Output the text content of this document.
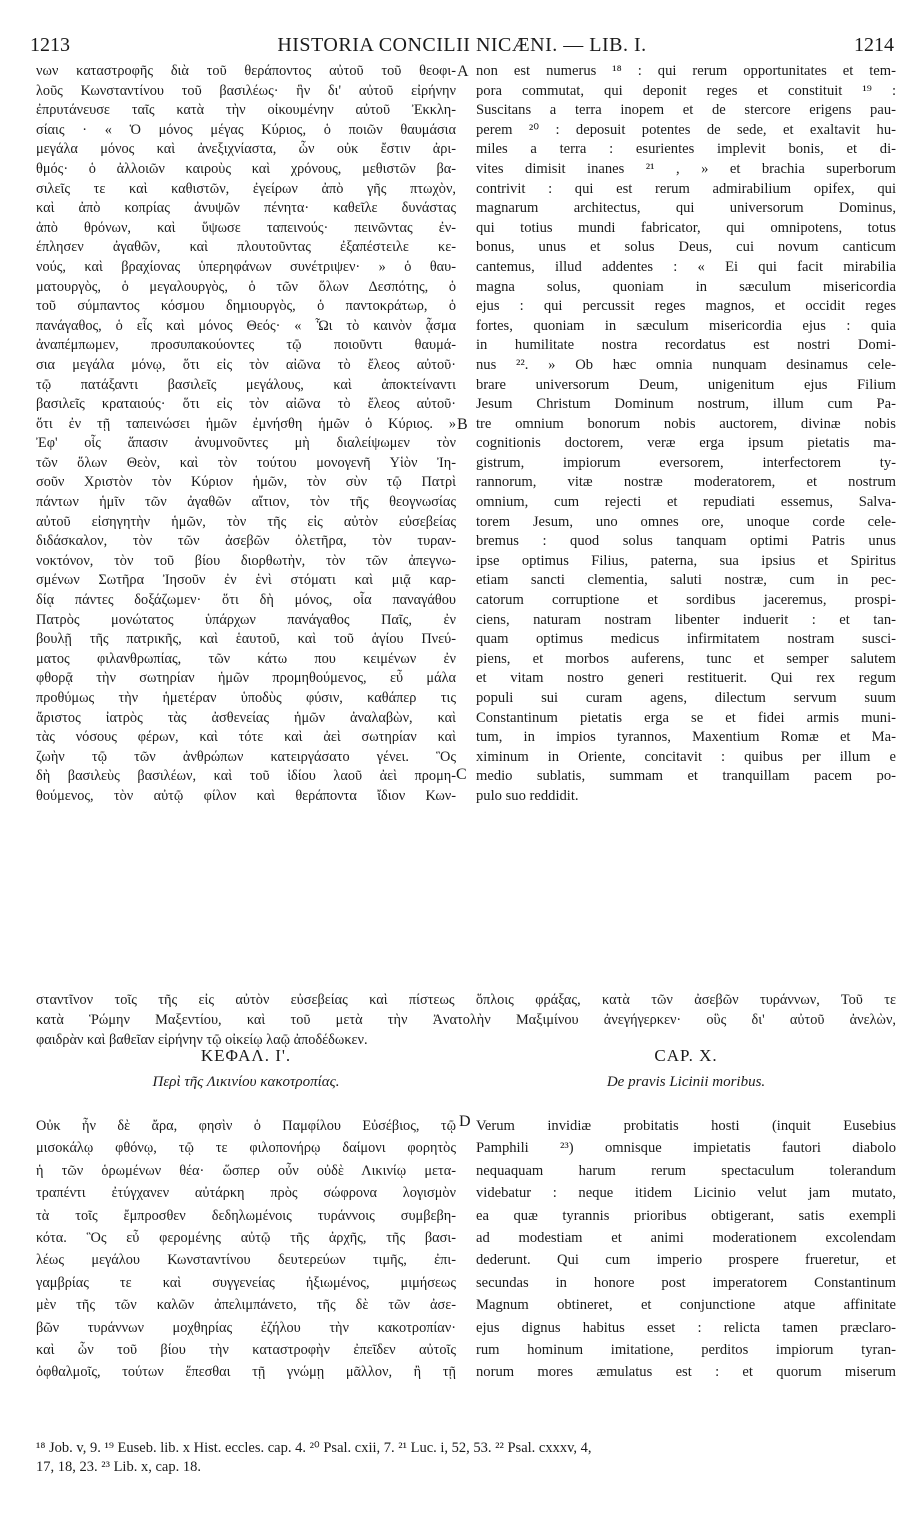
1213	HISTORIA CONCILII NICÆNI. — LIB. I.	1214
A
B
C
D
νων καταστροφῆς διὰ τοῦ θεράποντος αὐτοῦ τοῦ θεοφι-
λοῦς Κωνσταντίνου τοῦ βασιλέως· ἣν δι' αὐτοῦ εἰρήνην
ἐπρυτάνευσε ταῖς κατὰ τὴν οἰκουμένην αὐτοῦ Ἐκκλη-
σίαις · « Ὁ μόνος μέγας Κύριος, ὁ ποιῶν θαυμάσια
μεγάλα μόνος καὶ ἀνεξιχνίαστα, ὧν οὐκ ἔστιν ἀρι-
θμός· ὁ ἀλλοιῶν καιροὺς καὶ χρόνους, μεθιστῶν βα-
σιλεῖς τε καὶ καθιστῶν, ἐγείρων ἀπὸ γῆς πτωχὸν,
καὶ ἀπὸ κοπρίας ἀνυψῶν πένητα· καθεῖλε δυνάστας
ἀπὸ θρόνων, καὶ ὕψωσε ταπεινούς· πεινῶντας ἐν-
έπλησεν ἀγαθῶν, καὶ πλουτοῦντας ἐξαπέστειλε κε-
νούς, καὶ βραχίονας ὑπερηφάνων συνέτριψεν· » ὁ θαυ-
ματουργὸς, ὁ μεγαλουργὸς, ὁ τῶν ὅλων Δεσπότης, ὁ
τοῦ σύμπαντος κόσμου δημιουργὸς, ὁ παντοκράτωρ, ὁ
πανάγαθος, ὁ εἷς καὶ μόνος Θεός· « Ὧι τὸ καινὸν ᾆσμα
ἀναπέμπωμεν, προσυπακούοντες τῷ ποιοῦντι θαυμά-
σια μεγάλα μόνῳ, ὅτι εἰς τὸν αἰῶνα τὸ ἔλεος αὐτοῦ·
τῷ πατάξαντι βασιλεῖς μεγάλους, καὶ ἀποκτείναντι
βασιλεῖς κραταιούς· ὅτι εἰς τὸν αἰῶνα τὸ ἔλεος αὐτοῦ·
ὅτι ἐν τῇ ταπεινώσει ἡμῶν ἐμνήσθη ἡμῶν ὁ Κύριος. »
Ἐφ' οἷς ἅπασιν ἀνυμνοῦντες μὴ διαλείψωμεν τὸν
τῶν ὅλων Θεὸν, καὶ τὸν τούτου μονογενῆ Υἱὸν Ἰη-
σοῦν Χριστὸν τὸν Κύριον ἡμῶν, τὸν σὺν τῷ Πατρὶ
πάντων ἡμῖν τῶν ἀγαθῶν αἴτιον, τὸν τῆς θεογνωσίας
αὐτοῦ εἰσηγητὴν ἡμῶν, τὸν τῆς εἰς αὐτὸν εὐσεβείας
διδάσκαλον, τὸν τῶν ἀσεβῶν ὀλετῆρα, τὸν τυραν-
νοκτόνον, τὸν τοῦ βίου διορθωτὴν, τὸν τῶν ἀπεγνω-
σμένων Σωτῆρα Ἰησοῦν ἐν ἑνὶ στόματι καὶ μιᾷ καρ-
δίᾳ πάντες δοξάζωμεν· ὅτι δὴ μόνος, οἷα παναγάθου
Πατρὸς μονώτατος ὑπάρχων πανάγαθος Παῖς, ἐν
βουλῇ τῆς πατρικῆς, καὶ ἑαυτοῦ, καὶ τοῦ ἁγίου Πνεύ-
ματος φιλανθρωπίας, τῶν κάτω που κειμένων ἐν
φθορᾷ τὴν σωτηρίαν ἡμῶν προμηθούμενος, εὖ μάλα
προθύμως τὴν ἡμετέραν ὑποδὺς φύσιν, καθάπερ τις
ἄριστος ἰατρὸς τὰς ἀσθενείας ἡμῶν ἀναλαβὼν, καὶ
τὰς νόσους φέρων, καὶ τότε καὶ ἀεὶ σωτηρίαν καὶ
ζωὴν τῷ τῶν ἀνθρώπων κατειργάσατο γένει. Ὃς
δὴ βασιλεὺς βασιλέων, καὶ τοῦ ἰδίου λαοῦ ἀεὶ προμη-
θούμενος, τὸν αὐτῷ φίλον καὶ θεράποντα ἴδιον Κων-
non est numerus ¹⁸ : qui rerum opportunitates et tem-
pora commutat, qui deponit reges et constituit ¹⁹ :
Suscitans a terra inopem et de stercore erigens pau-
perem ²⁰ : deposuit potentes de sede, et exaltavit hu-
miles a terra : esurientes implevit bonis, et di-
vites dimisit inanes ²¹ , » et brachia superborum
contrivit : qui est rerum admirabilium opifex, qui
magnarum architectus, qui universorum Dominus,
qui totius mundi fabricator, qui omnipotens, totus
bonus, unus et solus Deus, cui novum canticum
cantemus, illud addentes : « Ei qui facit mirabilia
magna solus, quoniam in sæculum misericordia
ejus : qui percussit reges magnos, et occidit reges
fortes, quoniam in sæculum misericordia ejus : quia
in humilitate nostra recordatus est nostri Domi-
nus ²². » Ob hæc omnia nunquam desinamus cele-
brare universorum Deum, unigenitum ejus Filium
Jesum Christum Dominum nostrum, illum cum Pa-
tre omnium bonorum nobis auctorem, divinæ nobis
cognitionis doctorem, veræ erga ipsum pietatis ma-
gistrum, impiorum eversorem, interfectorem ty-
rannorum, vitæ nostræ moderatorem, et nostrum
omnium, cum rejecti et repudiati essemus, Salva-
torem Jesum, uno omnes ore, unoque corde cele-
bremus : quod solus tanquam optimi Patris unus
ipse optimus Filius, paterna, sua ipsius et Spiritus
etiam sancti clementia, saluti nostræ, cum in pec-
catorum corruptione et sordibus jaceremus, prospi-
ciens, naturam nostram libenter induerit : et tan-
quam optimus medicus infirmitatem nostram susci-
piens, et morbos auferens, tunc et semper salutem
et vitam nostro generi restituerit. Qui rex regum
populi sui curam agens, dilectum servum suum
Constantinum pietatis erga se et fidei armis muni-
tum, in impios tyrannos, Maxentium Romæ et Ma-
ximinum in Oriente, concitavit : quibus per illum e
medio sublatis, summam et tranquillam pacem po-
pulo suo reddidit.
σταντῖνον τοῖς τῆς εἰς αὐτὸν εὐσεβείας καὶ πίστεως ὅπλοις φράξας, κατὰ τῶν ἀσεβῶν τυράννων, Τοῦ τε
κατὰ Ῥώμην Μαξεντίου, καὶ τοῦ μετὰ τὴν Ἀνατολὴν Μαξιμίνου ἀνεγήγερκεν· οὓς δι' αὐτοῦ ἀνελὼν,
φαιδρὰν καὶ βαθεῖαν εἰρήνην τῷ οἰκείῳ λαῷ ἀποδέδωκεν.
ΚΕΦΑΛ. Ι'.
Περὶ τῆς Λικινίου κακοτροπίας.
CAP. X.
De pravis Licinii moribus.
Οὐκ ἦν δὲ ἄρα, φησὶν ὁ Παμφίλου Εὐσέβιος, τῷ
μισοκάλῳ φθόνῳ, τῷ τε φιλοπονήρῳ δαίμονι φορητὸς
ἡ τῶν ὁρωμένων θέα· ὥσπερ οὖν οὐδὲ Λικινίῳ μετα-
τραπέντι ἐτύγχανεν αὐτάρκη πρὸς σώφρονα λογισμὸν
τὰ τοῖς ἔμπροσθεν δεδηλωμένοις τυράννοις συμβεβη-
κότα. Ὃς εὖ φερομένης αὐτῷ τῆς ἀρχῆς, τῆς βασι-
λέως μεγάλου Κωνσταντίνου δευτερεύων τιμῆς, ἐπι-
γαμβρίας τε καὶ συγγενείας ἠξιωμένος, μιμήσεως
μὲν τῆς τῶν καλῶν ἀπελιμπάνετο, τῆς δὲ τῶν ἀσε-
βῶν τυράννων μοχθηρίας ἐζήλου τὴν κακοτροπίαν·
καὶ ὧν τοῦ βίου τὴν καταστροφὴν ἐπεῖδεν αὐτοῖς
ὀφθαλμοῖς, τούτων ἕπεσθαι τῇ γνώμῃ μᾶλλον, ἢ τῇ
Verum invidiæ probitatis hosti (inquit Eusebius
Pamphili ²³) omnisque impietatis fautori diabolo
nequaquam harum rerum spectaculum tolerandum
videbatur : neque itidem Licinio velut jam mutato,
ea quæ tyrannis prioribus obtigerant, satis exempli
ad modestiam et animi moderationem excolendam
dederunt. Qui cum imperio prospere frueretur, et
secundas in honore post imperatorem Constantinum
Magnum obtineret, et conjunctione atque affinitate
ejus dignus habitus esset : relicta tamen præclaro-
rum hominum imitatione, perditos impiorum tyran-
norum mores æmulatus est : et quorum miserum
¹⁸ Job. v, 9. ¹⁹ Euseb. lib. x Hist. eccles. cap. 4. ²⁰ Psal. cxii, 7. ²¹ Luc. i, 52, 53. ²² Psal. cxxxv, 4,
17, 18, 23. ²³ Lib. x, cap. 18.
